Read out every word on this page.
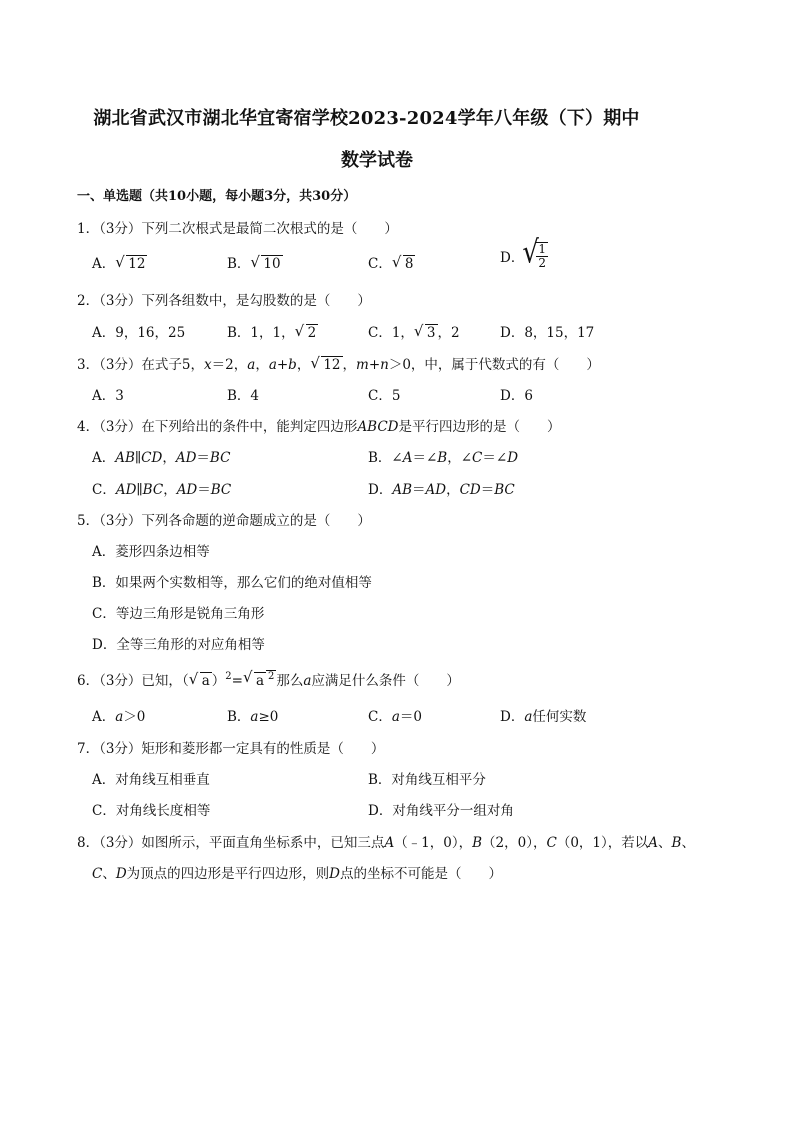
湖北省武汉市湖北华宜寄宿学校2023-2024学年八年级（下）期中
数学试卷
一、单选题（共10小题，每小题3分，共30分）
1．（3分）下列二次根式是最简二次根式的是（　　）
A． √ 12	B． √ 10	C． √ 8	D． √ $\frac{1}{2}$
2．（3分）下列各组数中，是勾股数的是（　　）
A．9，16，25	B．1，1， √ 2	C．1， √ 3 ，2	D．8，15，17
3．（3分）在式子5，x＝2，a，a+b， √ 12 ，m+n＞0，中，属于代数式的有（　　）
A．3	B．4	C．5	D．6
4．（3分）在下列给出的条件中，能判定四边形ABCD是平行四边形的是（　　）
A．AB∥CD，AD＝BC	B．∠A＝∠B，∠C＝∠D
C．AD∥BC，AD＝BC	D．AB＝AD，CD＝BC
5．（3分）下列各命题的逆命题成立的是（　　）
A．菱形四条边相等
B．如果两个实数相等，那么它们的绝对值相等
C．等边三角形是锐角三角形
D．全等三角形的对应角相等
6．（3分）已知，（ √ a ）$^2$= √ a $^2$ 那么a应满足什么条件（　　）
A．a＞0	B．a≥0	C．a＝0	D．a任何实数
7．（3分）矩形和菱形都一定具有的性质是（　　）
A．对角线互相垂直	B．对角线互相平分
C．对角线长度相等	D．对角线平分一组对角
8．（3分）如图所示，平面直角坐标系中，已知三点A（﹣1，0），B（2，0），C（0，1），若以A、B、
C、D为顶点的四边形是平行四边形，则D点的坐标不可能是（　　）
